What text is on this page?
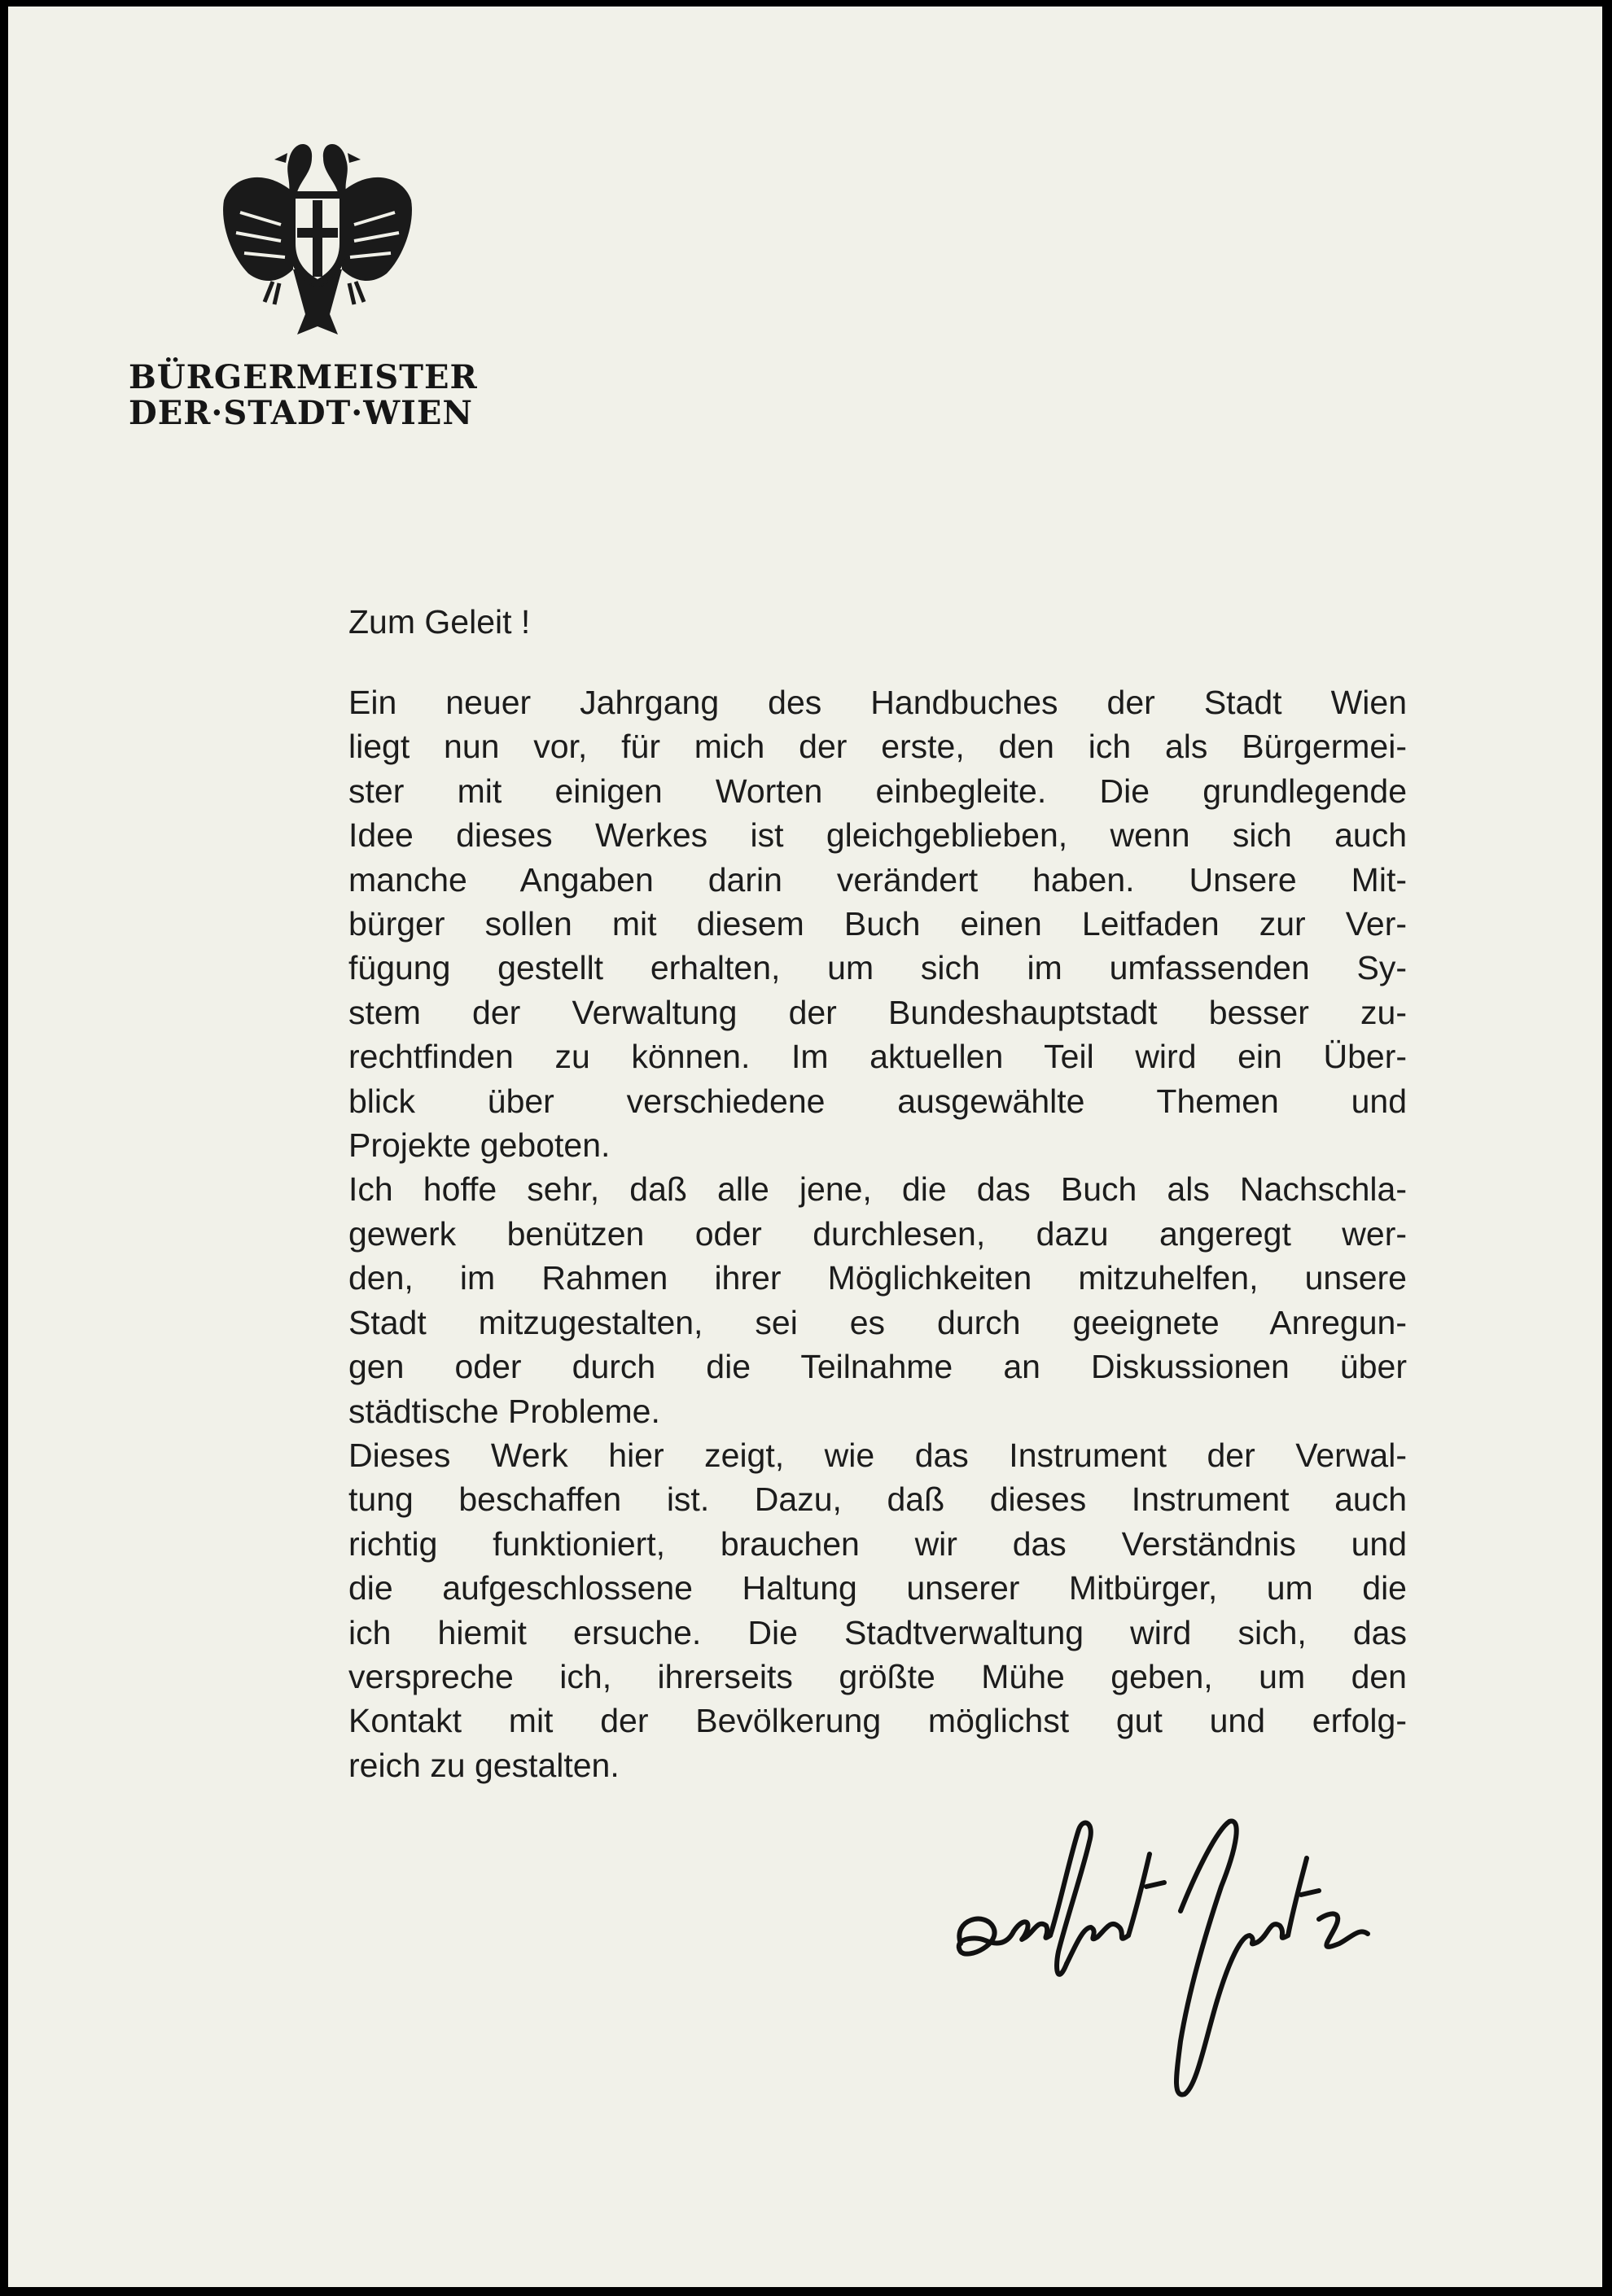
BÜRGERMEISTER
DER·STADT·WIEN
Zum Geleit !
Ein neuer Jahrgang des Handbuches der Stadt Wien
liegt nun vor, für mich der erste, den ich als Bürgermei-
ster mit einigen Worten einbegleite. Die grundlegende
Idee dieses Werkes ist gleichgeblieben, wenn sich auch
manche Angaben darin verändert haben. Unsere Mit-
bürger sollen mit diesem Buch einen Leitfaden zur Ver-
fügung gestellt erhalten, um sich im umfassenden Sy-
stem der Verwaltung der Bundeshauptstadt besser zu-
rechtfinden zu können. Im aktuellen Teil wird ein Über-
blick über verschiedene ausgewählte Themen und
Projekte geboten.
Ich hoffe sehr, daß alle jene, die das Buch als Nachschla-
gewerk benützen oder durchlesen, dazu angeregt wer-
den, im Rahmen ihrer Möglichkeiten mitzuhelfen, unsere
Stadt mitzugestalten, sei es durch geeignete Anregun-
gen oder durch die Teilnahme an Diskussionen über
städtische Probleme.
Dieses Werk hier zeigt, wie das Instrument der Verwal-
tung beschaffen ist. Dazu, daß dieses Instrument auch
richtig funktioniert, brauchen wir das Verständnis und
die aufgeschlossene Haltung unserer Mitbürger, um die
ich hiemit ersuche. Die Stadtverwaltung wird sich, das
verspreche ich, ihrerseits größte Mühe geben, um den
Kontakt mit der Bevölkerung möglichst gut und erfolg-
reich zu gestalten.
